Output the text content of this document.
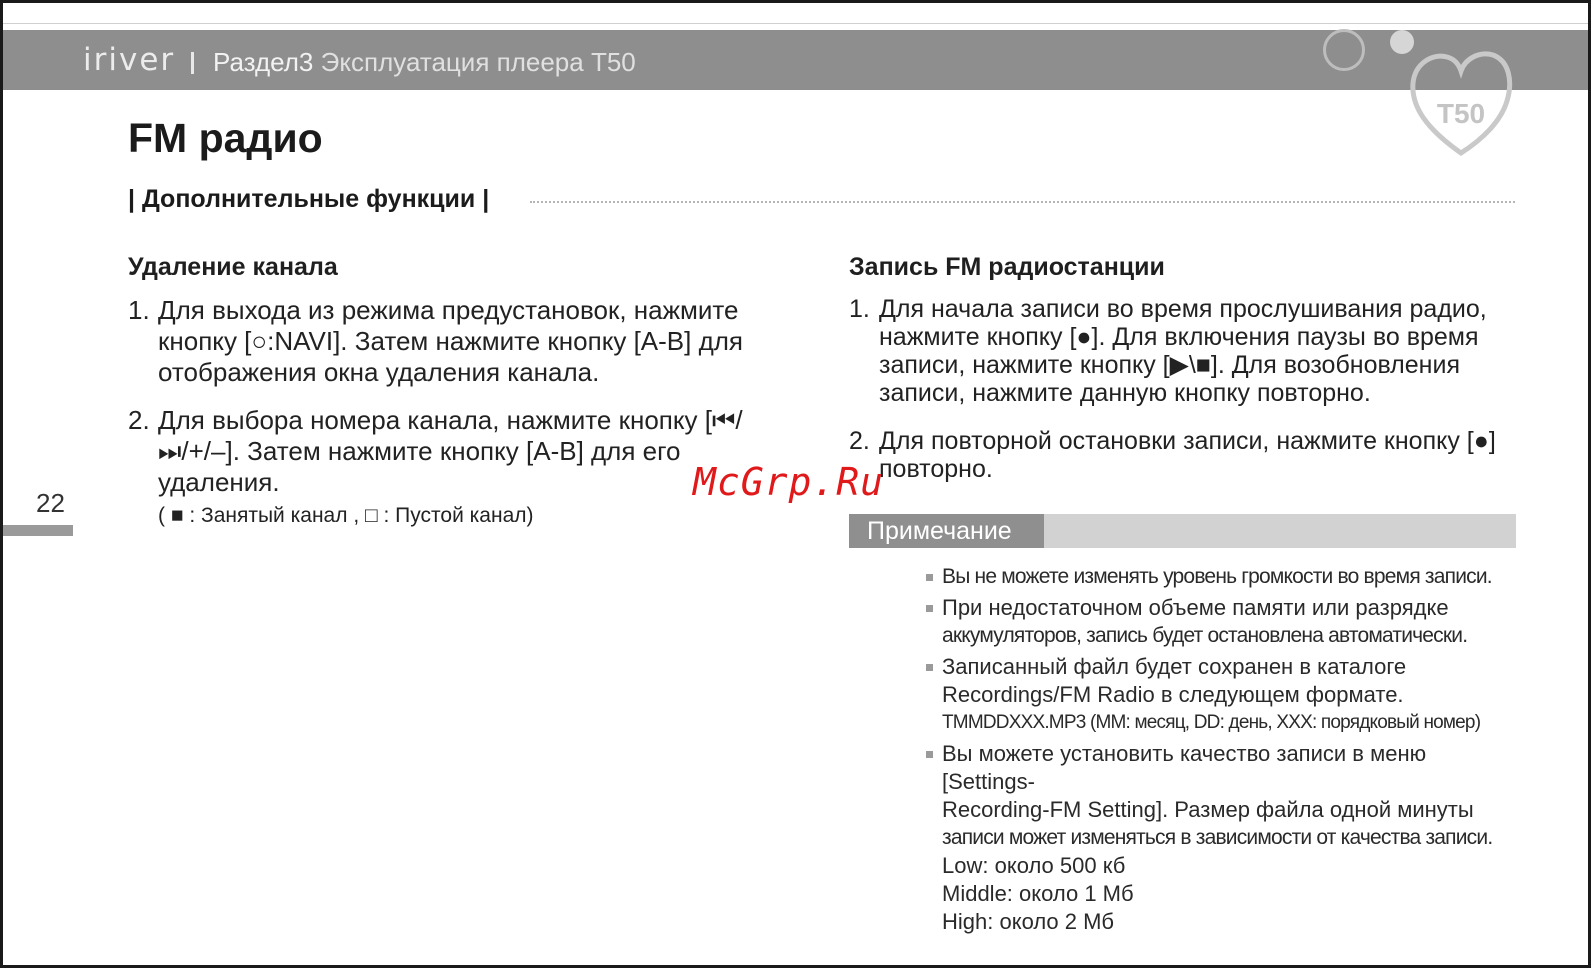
iriver Раздел3 Эксплуатация плеера T50
T50
FM радио
| Дополнительные функции |
Удаление канала
1. Для выхода из режима предустановок, нажмите кнопку [○:NAVI]. Затем нажмите кнопку [A-B] для отображения окна удаления канала.
2. Для выбора номера канала, нажмите кнопку [⏮/⏭/+/–]. Затем нажмите кнопку [A-B] для его удаления.
( ■ : Занятый канал , □ : Пустой канал)
Запись FM радиостанции
1. Для начала записи во время прослушивания радио, нажмите кнопку [●]. Для включения паузы во время записи, нажмите кнопку [▶\■]. Для возобновления записи, нажмите данную кнопку повторно.
2. Для повторной остановки записи, нажмите кнопку [●] повторно.
22
Примечание
Вы не можете изменять уровень громкости во время записи.
При недостаточном объеме памяти или разрядке
аккумуляторов, запись будет остановлена автоматически.
Записанный файл будет сохранен в каталоге
Recordings/FM Radio в следующем формате.
TMMDDXXX.MP3 (MM: месяц, DD: день, XXX: порядковый номер)
Вы можете установить качество записи в меню [Settings-
Recording-FM Setting]. Размер файла одной минуты
записи может изменяться в зависимости от качества записи.
Low: около 500 кб
Middle: около 1 Мб
High: около 2 Мб
McGrp.Ru
